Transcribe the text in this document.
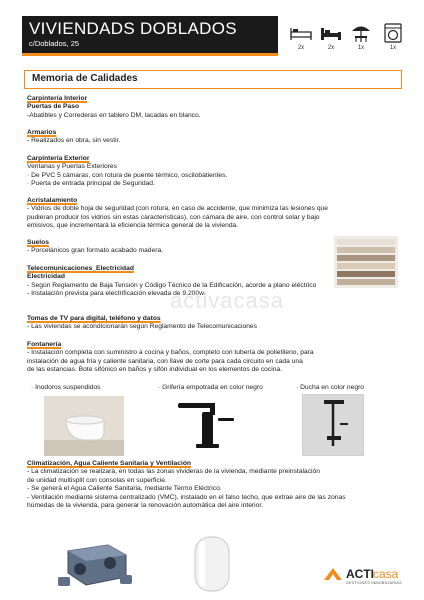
VIVIENDADS DOBLADOS
c/Doblados, 25	2x	2x	1x	1x
Memoria de Calidades
Carpintería Interior
Puertas de Paso
-Abatibles y Correderas en tablero DM, lacadas en blanco.
Armarios
- Realizados en obra, sin vestir.
Carpintería Exterior
Ventanas y Puertas Exteriores
· De PVC 5 cámaras, con rotura de puente térmico, oscilobatientes.
· Puerta de entrada principal de Seguridad.
Acristalamiento
- Vidrios de doble hoja de seguridad (con rotura, en caso de accidente, que minimiza las lesiones que
pudieran producir los vidrios sin estas características), con cámara de aire, con control solar y bajo
emisivos, que incrementará la eficiencia térmica general de la vivienda.
Suelos
- Porcelánicos gran formato acabado madera.
Telecomunicaciones_Electricidad
Electricidad
- Según Reglamento de Baja Tensión y Código Técnico de la Edificación, acorde a plano eléctrico
- Instalación prevista para electrificación elevada de 9.200w.
activacasa
Tomas de TV para digital, teléfono y datos
- Las viviendas se acondicionarán según Reglamento de Telecomunicaciones
Fontanería
- Instalación completa con suministro a cocina y baños, completo con tubería de polietileno, para
instalación de agua fría y caliente sanitaria, con llave de corte para cada circuito en cada una
de las estancias. Bote sifónico en baños y sifón individual en los elementos de cocina.
· Inodoros suspendidos	· Grifería empotrada en color negro	· Ducha en color negro
Climatización, Agua Caliente Sanitaria y Ventilación
- La climatización se realizará, en todas las zonas vivideras de la vivienda, mediante preinstalación
de unidad multisplit con consolas en superficie.
- Se generá el Agua Caliente Sanitaria, mediante Termo Eléctrico.
- Ventilación mediante sistema centralizado (VMC), instalado en el falso techo, que extrae aire de las zonas
húmedas de la vivienda, para generar la renovación automática del aire interior.
ACTI casa
GESTIONES INMOBILIARIAS
